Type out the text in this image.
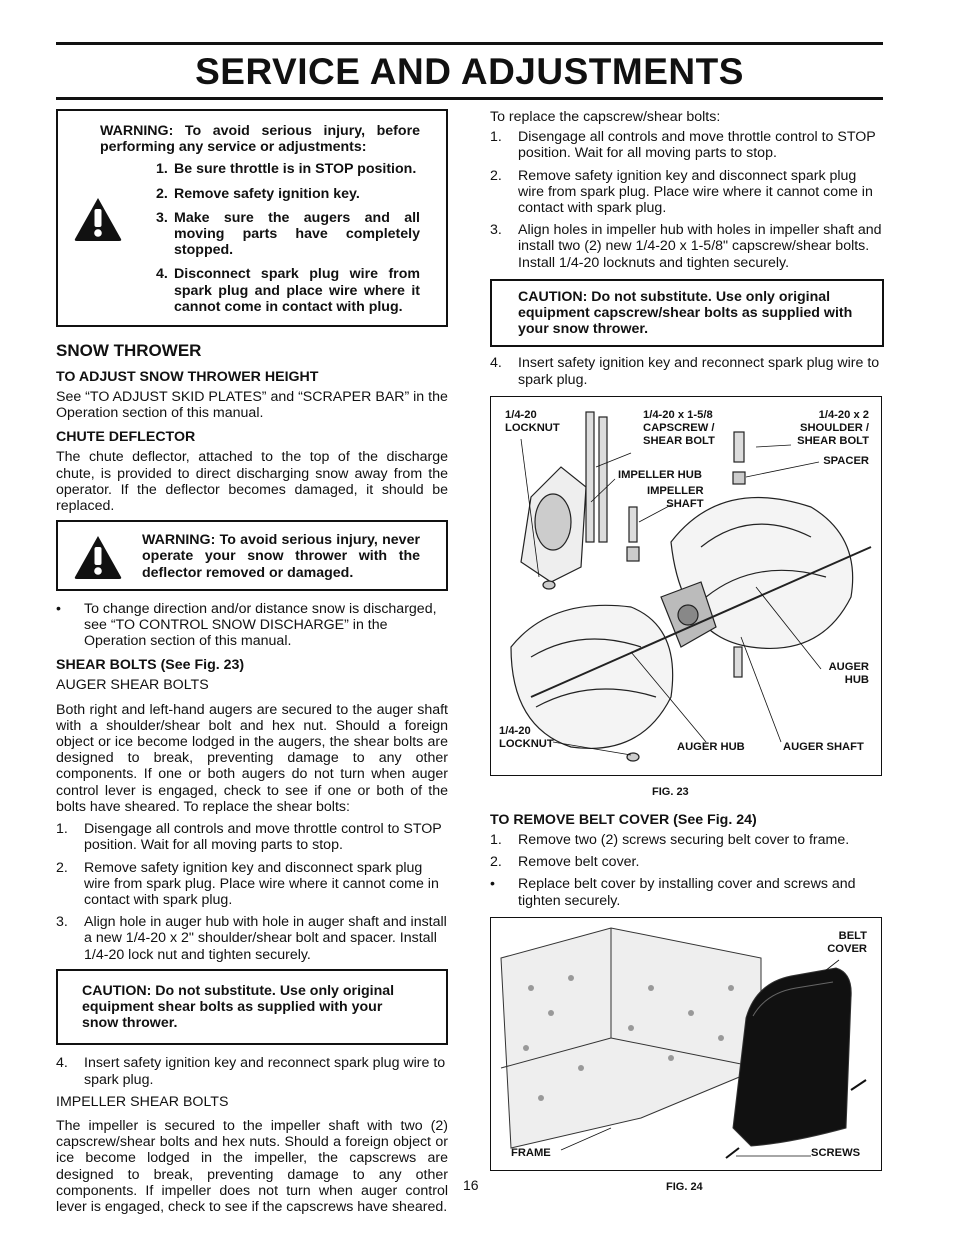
SERVICE AND ADJUSTMENTS
WARNING: To avoid serious injury, before performing any service or adjustments:
1. Be sure throttle is in STOP position.
2. Remove safety ignition key.
3. Make sure the augers and all moving parts have completely stopped.
4. Disconnect spark plug wire from spark plug and place wire where it cannot come in contact with plug.
SNOW THROWER
TO ADJUST SNOW THROWER HEIGHT

See “TO ADJUST SKID PLATES” and “SCRAPER BAR” in the Operation section of this manual.

CHUTE DEFLECTOR

The chute deflector, attached to the top of the discharge chute, is provided to direct discharging snow away from the operator. If the deflector becomes damaged, it should be replaced.

WARNING: To avoid serious injury, never operate your snow thrower with the deflector removed or damaged.
•	To change direction and/or distance snow is discharged, see “TO CONTROL SNOW DISCHARGE” in the Operation section of this manual.
SHEAR BOLTS (See Fig. 23)

AUGER SHEAR BOLTS

Both right and left-hand augers are secured to the auger shaft with a shoulder/shear bolt and hex nut. Should a foreign object or ice become lodged in the augers, the shear bolts are designed to break, preventing damage to any other components. If one or both augers do not turn when auger control lever is engaged, check to see if one or both of the bolts have sheared. To replace the shear bolts:

1.	Disengage all controls and move throttle control to STOP position. Wait for all moving parts to stop.
2.	Remove safety ignition key and disconnect spark plug wire from spark plug. Place wire where it cannot come in contact with spark plug.
3.	Align hole in auger hub with hole in auger shaft and install a new 1/4-20 x 2" shoulder/shear bolt and spacer. Install 1/4-20 lock nut and tighten securely.
CAUTION: Do not substitute. Use only original equipment shear bolts as supplied with your snow thrower.
4.	Insert safety ignition key and reconnect spark plug wire to spark plug.

IMPELLER SHEAR BOLTS

The impeller is secured to the impeller shaft with two (2) capscrew/shear bolts and hex nuts. Should a foreign object or ice become lodged in the impeller, the capscrews are designed to break, preventing damage to any other components. If impeller does not turn when auger control lever is engaged, check to see if the capscrews have sheared.

To replace the capscrew/shear bolts:

1.	Disengage all controls and move throttle control to STOP position. Wait for all moving parts to stop.
2.	Remove safety ignition key and disconnect spark plug wire from spark plug. Place wire where it cannot come in contact with spark plug.
3.	Align holes in impeller hub with holes in impeller shaft and install two (2) new 1/4-20 x 1-5/8" capscrew/shear bolts. Install 1/4-20 locknuts and tighten securely.
CAUTION: Do not substitute. Use only original equipment capscrew/shear bolts as supplied with your snow thrower.
4.	Insert safety ignition key and reconnect spark plug wire to spark plug.
1/4-20
LOCKNUT
1/4-20 x 1-5/8
CAPSCREW /
SHEAR BOLT
1/4-20 x 2
SHOULDER /
SHEAR BOLT
SPACER
IMPELLER HUB
IMPELLER
SHAFT
AUGER
HUB
1/4-20
LOCKNUT	AUGER HUB	AUGER SHAFT
FIG. 23
TO REMOVE BELT COVER (See Fig. 24)
1.	Remove two (2) screws securing belt cover to frame.
2.	Remove belt cover.
•	Replace belt cover by installing cover and screws and tighten securely.
BELT
COVER
FRAME	SCREWS
FIG. 24
16
